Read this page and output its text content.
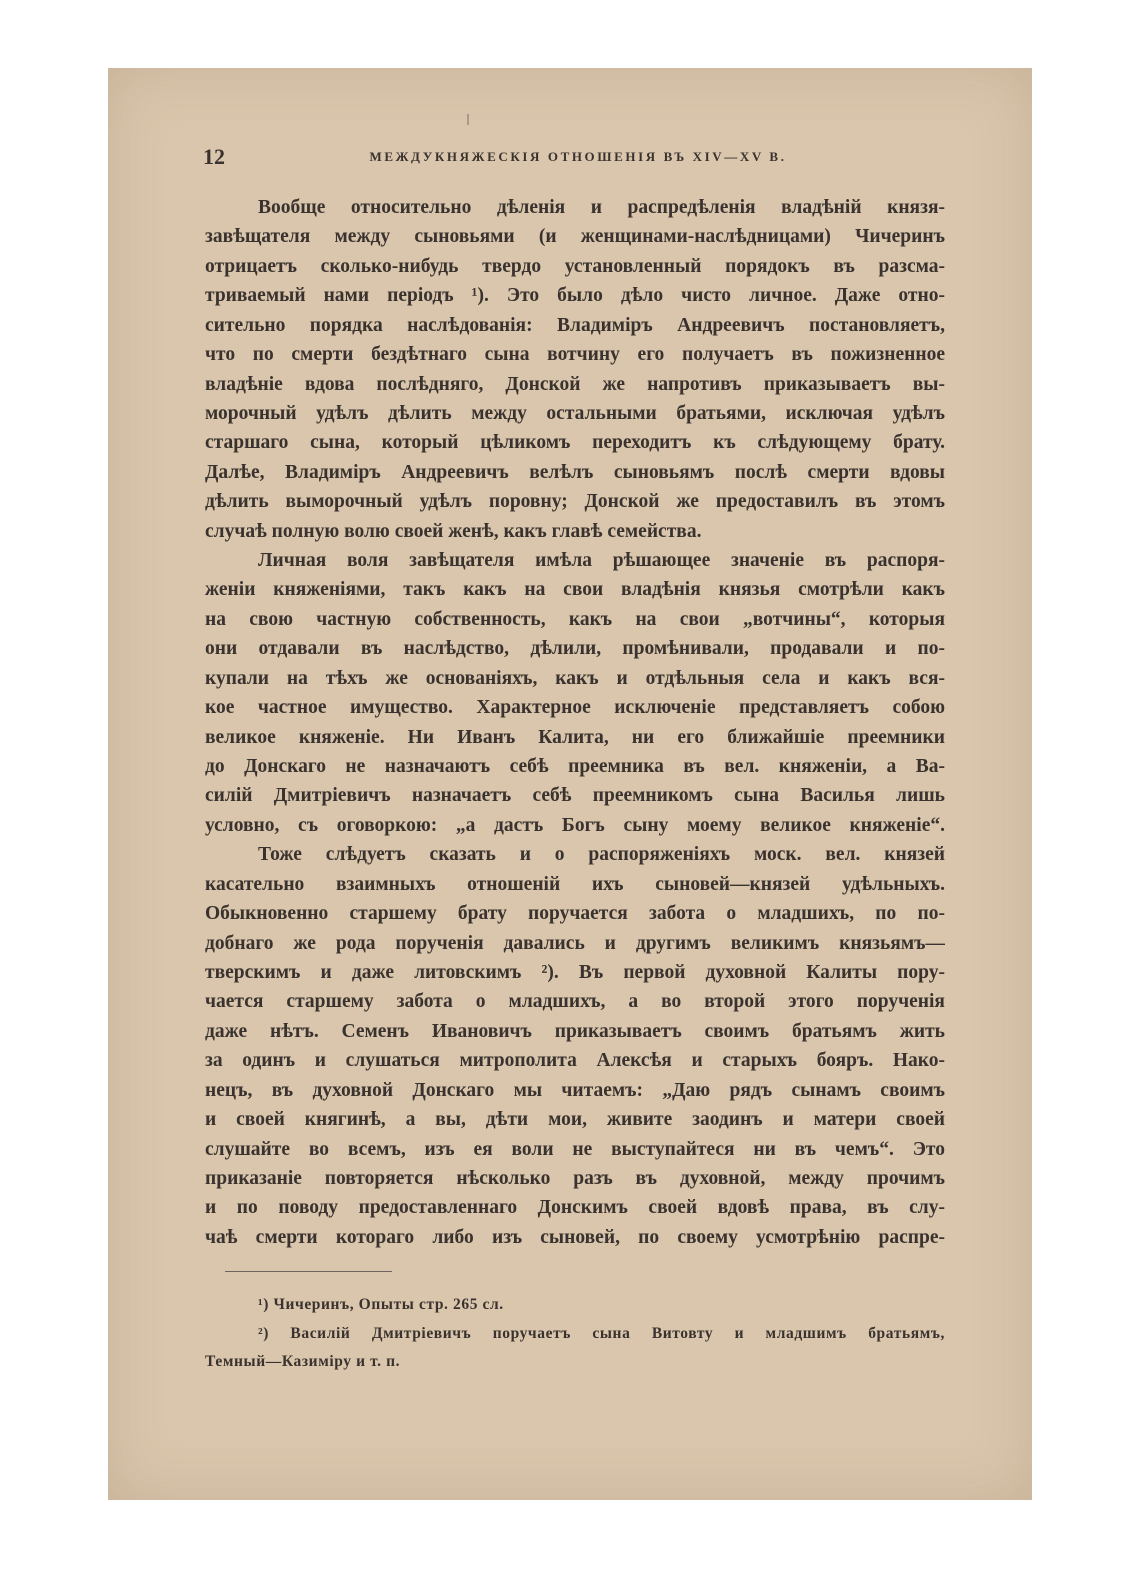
12	МЕЖДУКНЯЖЕСКІЯ ОТНОШЕНІЯ ВЪ XIV—XV В.
Вообще относительно дѣленія и распредѣленія владѣній князя-
завѣщателя между сыновьями (и женщинами-наслѣдницами) Чичеринъ
отрицаетъ сколько-нибудь твердо установленный порядокъ въ разсма-
триваемый нами періодъ ¹). Это было дѣло чисто личное. Даже отно-
сительно порядка наслѣдованія: Владиміръ Андреевичъ постановляетъ,
что по смерти бездѣтнаго сына вотчину его получаетъ въ пожизненное
владѣніе вдова послѣдняго, Донской же напротивъ приказываетъ вы-
морочный удѣлъ дѣлить между остальными братьями, исключая удѣлъ
старшаго сына, который цѣликомъ переходитъ къ слѣдующему брату.
Далѣе, Владиміръ Андреевичъ велѣлъ сыновьямъ послѣ смерти вдовы
дѣлить выморочный удѣлъ поровну; Донской же предоставилъ въ этомъ
случаѣ полную волю своей женѣ, какъ главѣ семейства.
Личная воля завѣщателя имѣла рѣшающее значеніе въ распоря-
женіи княженіями, такъ какъ на свои владѣнія князья смотрѣли какъ
на свою частную собственность, какъ на свои „вотчины“, которыя
они отдавали въ наслѣдство, дѣлили, промѣнивали, продавали и по-
купали на тѣхъ же основаніяхъ, какъ и отдѣльныя села и какъ вся-
кое частное имущество. Характерное исключеніе представляетъ собою
великое княженіе. Ни Иванъ Калита, ни его ближайшіе преемники
до Донскаго не назначаютъ себѣ преемника въ вел. княженіи, а Ва-
силій Дмитріевичъ назначаетъ себѣ преемникомъ сына Василья лишь
условно, съ оговоркою: „а дастъ Богъ сыну моему великое княженіе“.
Тоже слѣдуетъ сказать и о распоряженіяхъ моск. вел. князей
касательно взаимныхъ отношеній ихъ сыновей—князей удѣльныхъ.
Обыкновенно старшему брату поручается забота о младшихъ, по по-
добнаго же рода порученія давались и другимъ великимъ князьямъ—
тверскимъ и даже литовскимъ ²). Въ первой духовной Калиты пору-
чается старшему забота о младшихъ, а во второй этого порученія
даже нѣтъ. Семенъ Ивановичъ приказываетъ своимъ братьямъ жить
за одинъ и слушаться митрополита Алексѣя и старыхъ бояръ. Нако-
нецъ, въ духовной Донскаго мы читаемъ: „Даю рядъ сынамъ своимъ
и своей княгинѣ, а вы, дѣти мои, живите заодинъ и матери своей
слушайте во всемъ, изъ ея воли не выступайтеся ни въ чемъ“. Это
приказаніе повторяется нѣсколько разъ въ духовной, между прочимъ
и по поводу предоставленнаго Донскимъ своей вдовѣ права, въ слу-
чаѣ смерти котораго либо изъ сыновей, по своему усмотрѣнію распре-
¹) Чичеринъ, Опыты стр. 265 сл.
²) Василій Дмитріевичъ поручаетъ сына Витовту и младшимъ братьямъ,
Темный—Казиміру и т. п.
